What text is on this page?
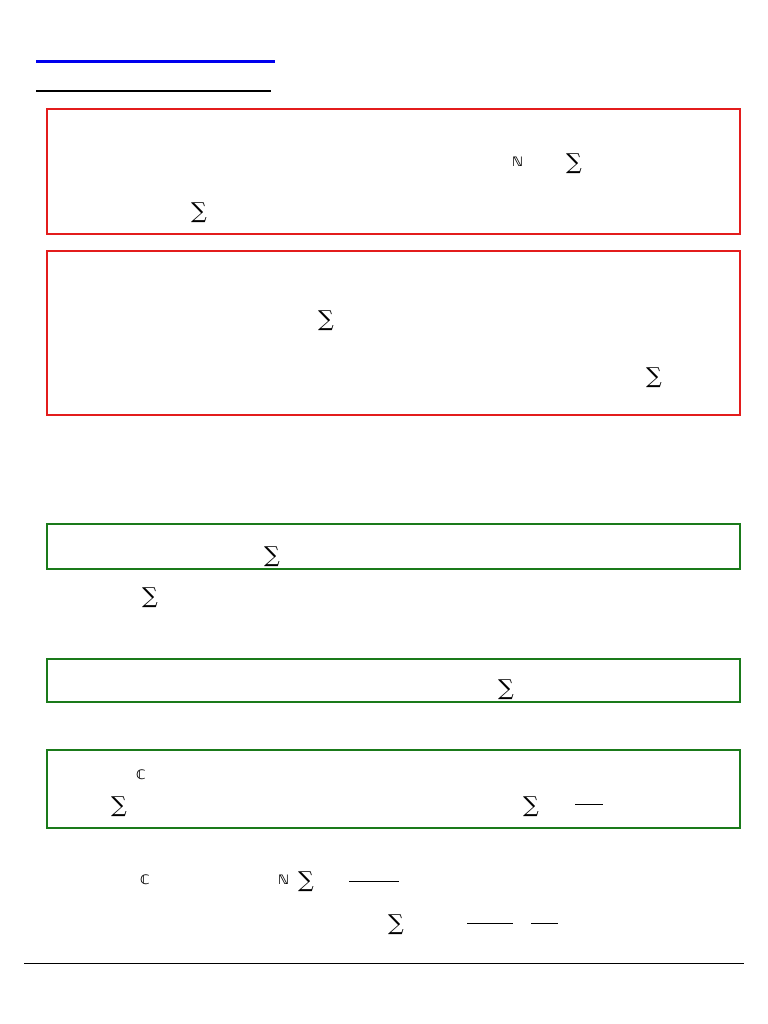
ℕ ∑
∑
∑
∑
∑
∑
∑
ℂ
∑	∑
ℂ	ℕ ∑
∑
